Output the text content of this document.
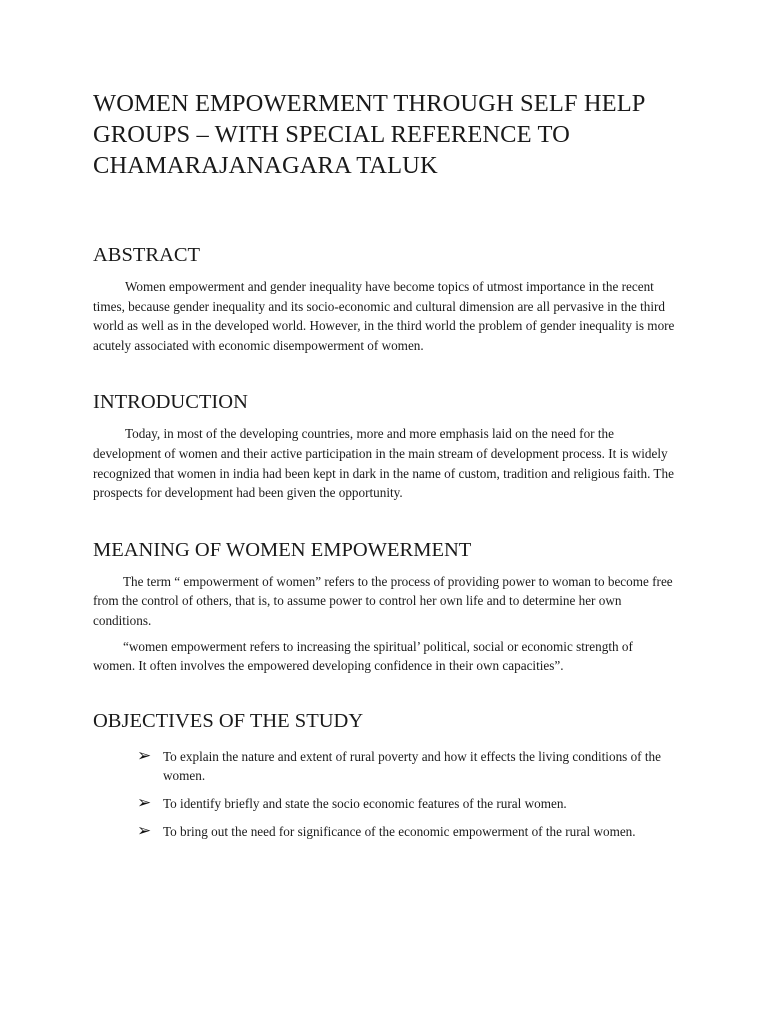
WOMEN EMPOWERMENT THROUGH SELF HELP GROUPS – WITH SPECIAL REFERENCE TO CHAMARAJANAGARA TALUK
ABSTRACT

Women empowerment and gender inequality have become topics of utmost importance in the recent times, because gender inequality and its socio-economic and cultural dimension are all pervasive in the third world as well as in the developed world. However, in the third world the problem of gender inequality is more acutely associated with economic disempowerment of women.

INTRODUCTION

Today, in most of the developing countries, more and more emphasis laid on the need for the development of women and their active participation in the main stream of development process. It is widely recognized that women in india had been kept in dark in the name of custom, tradition and religious faith. The prospects for development had been given the opportunity.

MEANING OF WOMEN EMPOWERMENT

The term “ empowerment of women” refers to the process of providing power to woman to become free from the control of others, that is, to assume power to control her own life and to determine her own conditions.

“women empowerment refers to increasing the spiritual’ political, social or economic strength of women. It often involves the empowered developing confidence in their own capacities”.

OBJECTIVES OF THE STUDY
➢ To explain the nature and extent of rural poverty and how it effects the living conditions of the women.
➢ To identify briefly and state the socio economic features of the rural women.
➢ To bring out the need for significance of the economic empowerment of the rural women.
